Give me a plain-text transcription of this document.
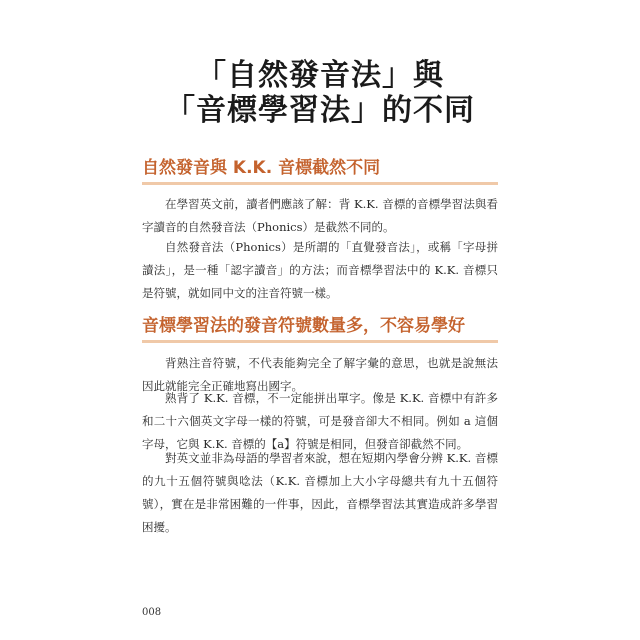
「自然發音法」與
「音標學習法」的不同
自然發音與 K.K. 音標截然不同

在學習英文前，讀者們應該了解：背 K.K. 音標的音標學習法與看字讀音的自然發音法（Phonics）是截然不同的。

自然發音法（Phonics）是所謂的「直覺發音法」，或稱「字母拼讀法」，是一種「認字讀音」的方法；而音標學習法中的 K.K. 音標只是符號，就如同中文的注音符號一樣。

音標學習法的發音符號數量多，不容易學好

背熟注音符號，不代表能夠完全了解字彙的意思，也就是說無法因此就能完全正確地寫出國字。

熟背了 K.K. 音標，不一定能拼出單字。像是 K.K. 音標中有許多和二十六個英文字母一樣的符號，可是發音卻大不相同。例如 a 這個字母，它與 K.K. 音標的【a】符號是相同，但發音卻截然不同。

對英文並非為母語的學習者來說，想在短期內學會分辨 K.K. 音標的九十五個符號與唸法（K.K. 音標加上大小字母總共有九十五個符號），實在是非常困難的一件事，因此，音標學習法其實造成許多學習困擾。

008
